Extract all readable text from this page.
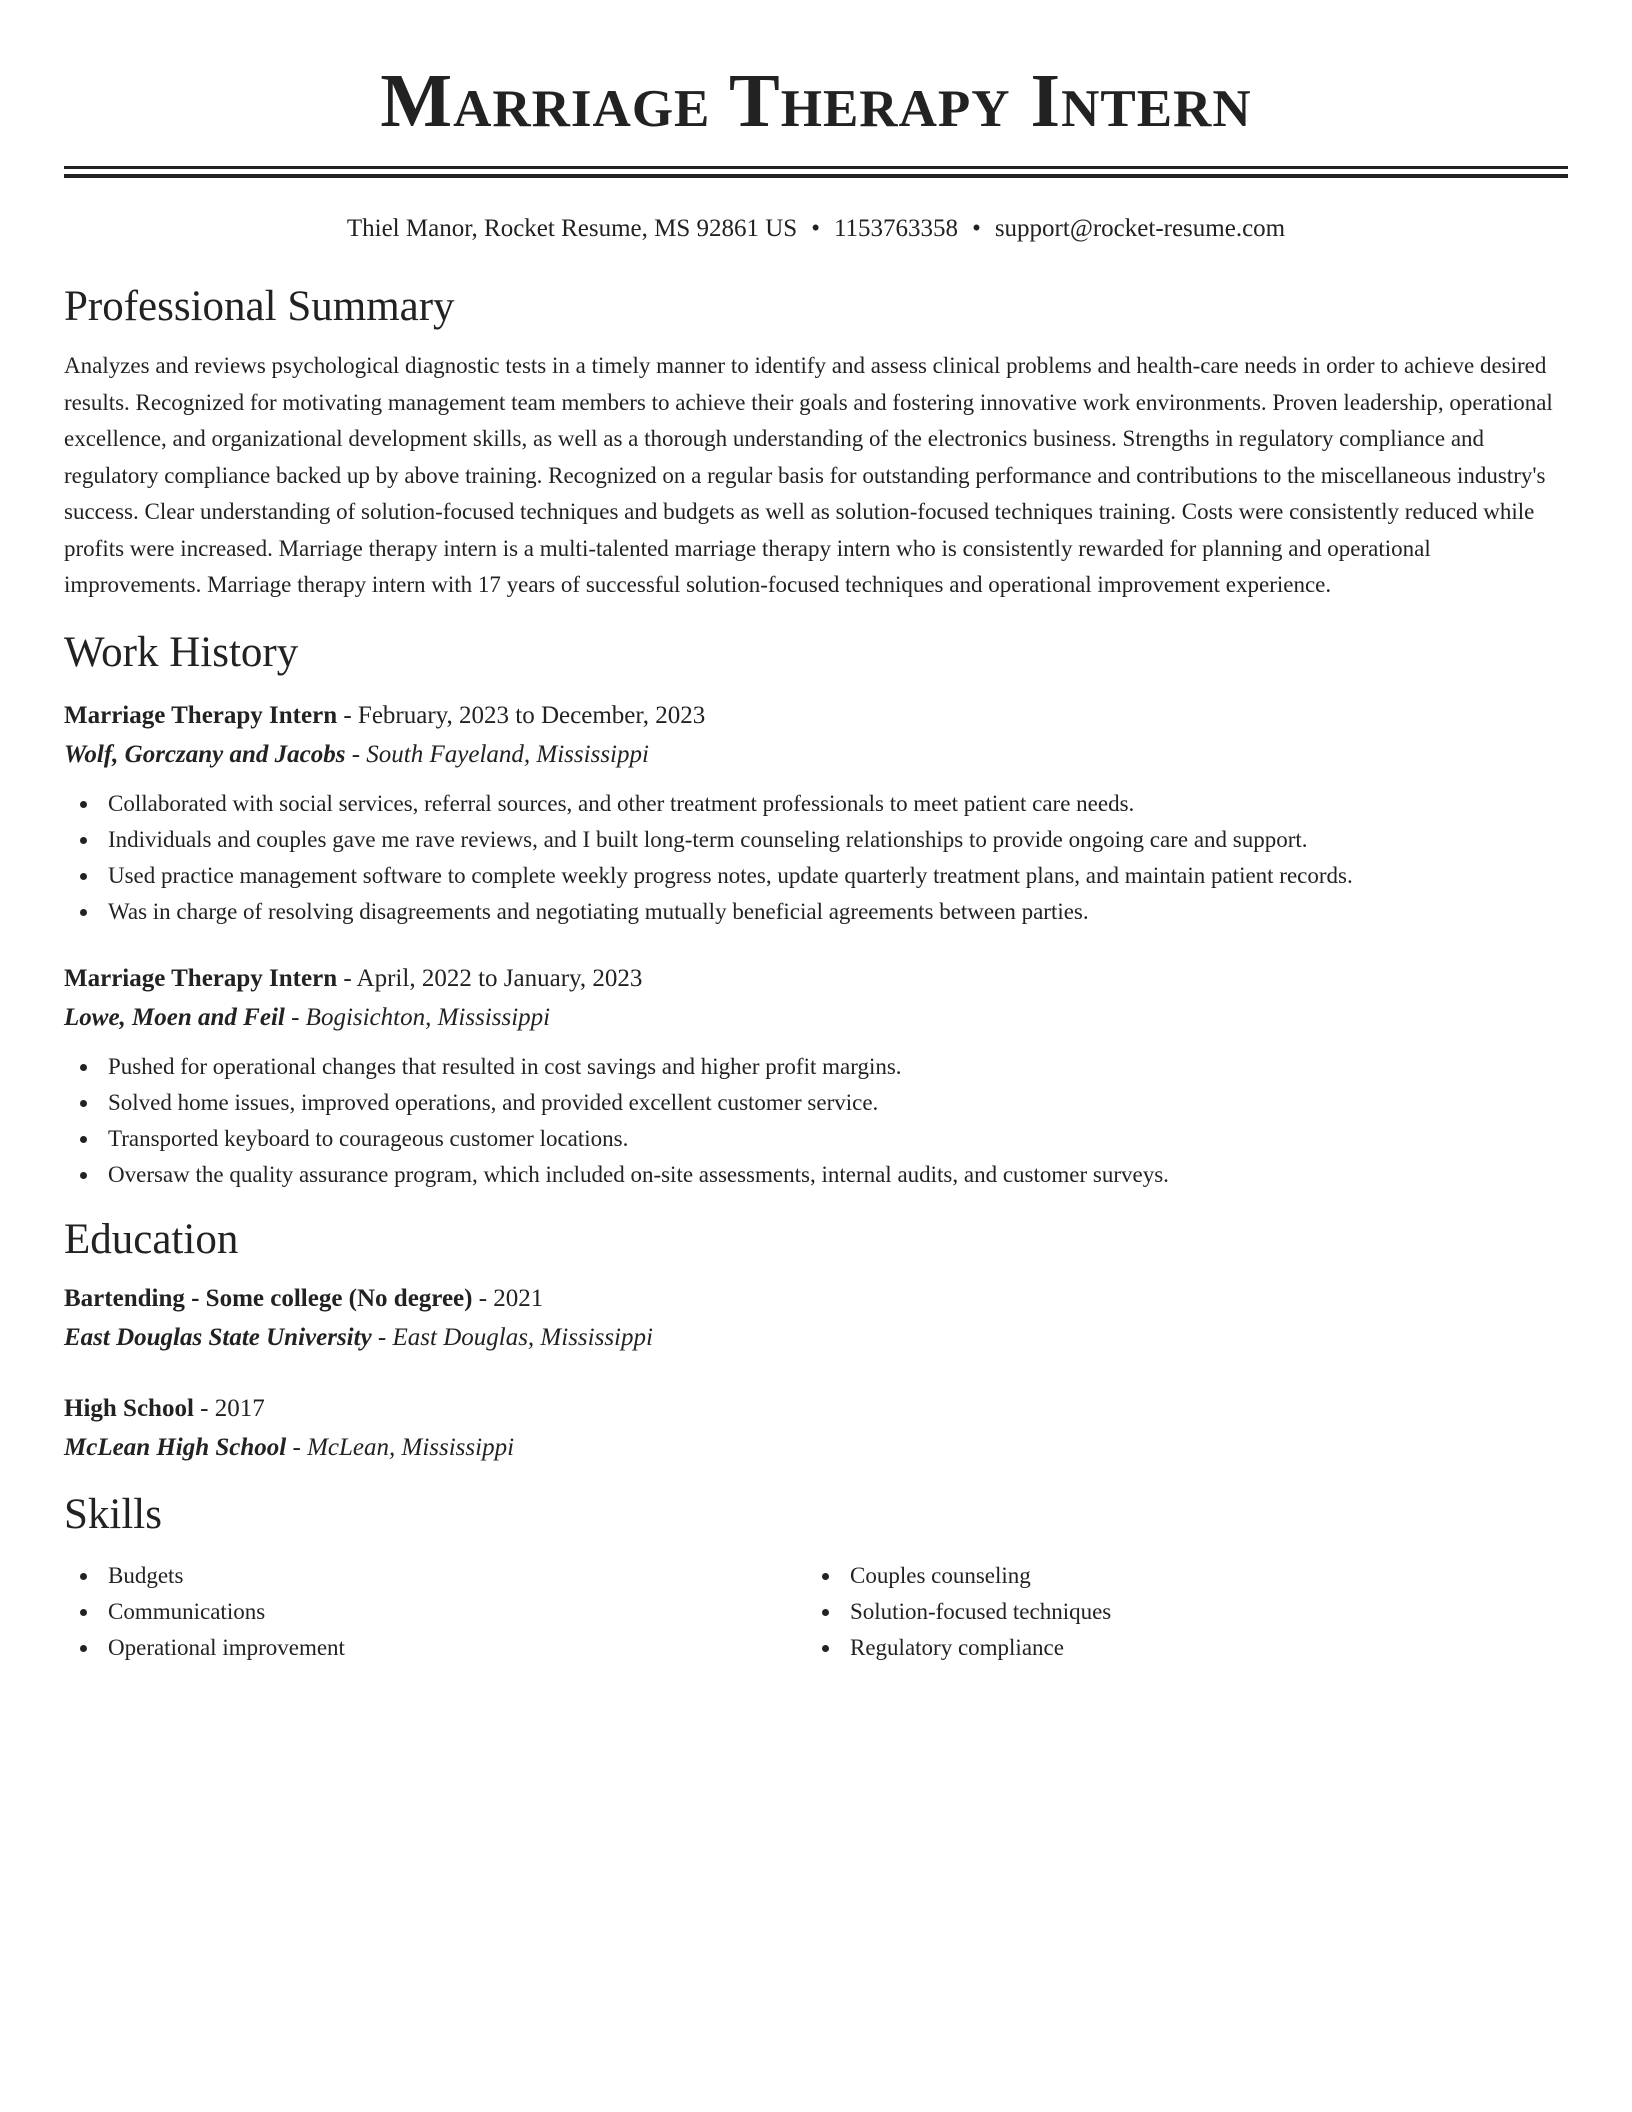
Marriage Therapy Intern
Thiel Manor, Rocket Resume, MS 92861 US • 1153763358 • support@rocket-resume.com
Professional Summary
Analyzes and reviews psychological diagnostic tests in a timely manner to identify and assess clinical problems and health-care needs in order to achieve desired results. Recognized for motivating management team members to achieve their goals and fostering innovative work environments. Proven leadership, operational excellence, and organizational development skills, as well as a thorough understanding of the electronics business. Strengths in regulatory compliance and regulatory compliance backed up by above training. Recognized on a regular basis for outstanding performance and contributions to the miscellaneous industry's success. Clear understanding of solution-focused techniques and budgets as well as solution-focused techniques training. Costs were consistently reduced while profits were increased. Marriage therapy intern is a multi-talented marriage therapy intern who is consistently rewarded for planning and operational improvements. Marriage therapy intern with 17 years of successful solution-focused techniques and operational improvement experience.
Work History
Marriage Therapy Intern - February, 2023 to December, 2023
Wolf, Gorczany and Jacobs - South Fayeland, Mississippi
Collaborated with social services, referral sources, and other treatment professionals to meet patient care needs.
Individuals and couples gave me rave reviews, and I built long-term counseling relationships to provide ongoing care and support.
Used practice management software to complete weekly progress notes, update quarterly treatment plans, and maintain patient records.
Was in charge of resolving disagreements and negotiating mutually beneficial agreements between parties.
Marriage Therapy Intern - April, 2022 to January, 2023
Lowe, Moen and Feil - Bogisichton, Mississippi
Pushed for operational changes that resulted in cost savings and higher profit margins.
Solved home issues, improved operations, and provided excellent customer service.
Transported keyboard to courageous customer locations.
Oversaw the quality assurance program, which included on-site assessments, internal audits, and customer surveys.
Education
Bartending - Some college (No degree) - 2021
East Douglas State University - East Douglas, Mississippi
High School - 2017
McLean High School - McLean, Mississippi
Skills
Budgets
Communications
Operational improvement
Couples counseling
Solution-focused techniques
Regulatory compliance
